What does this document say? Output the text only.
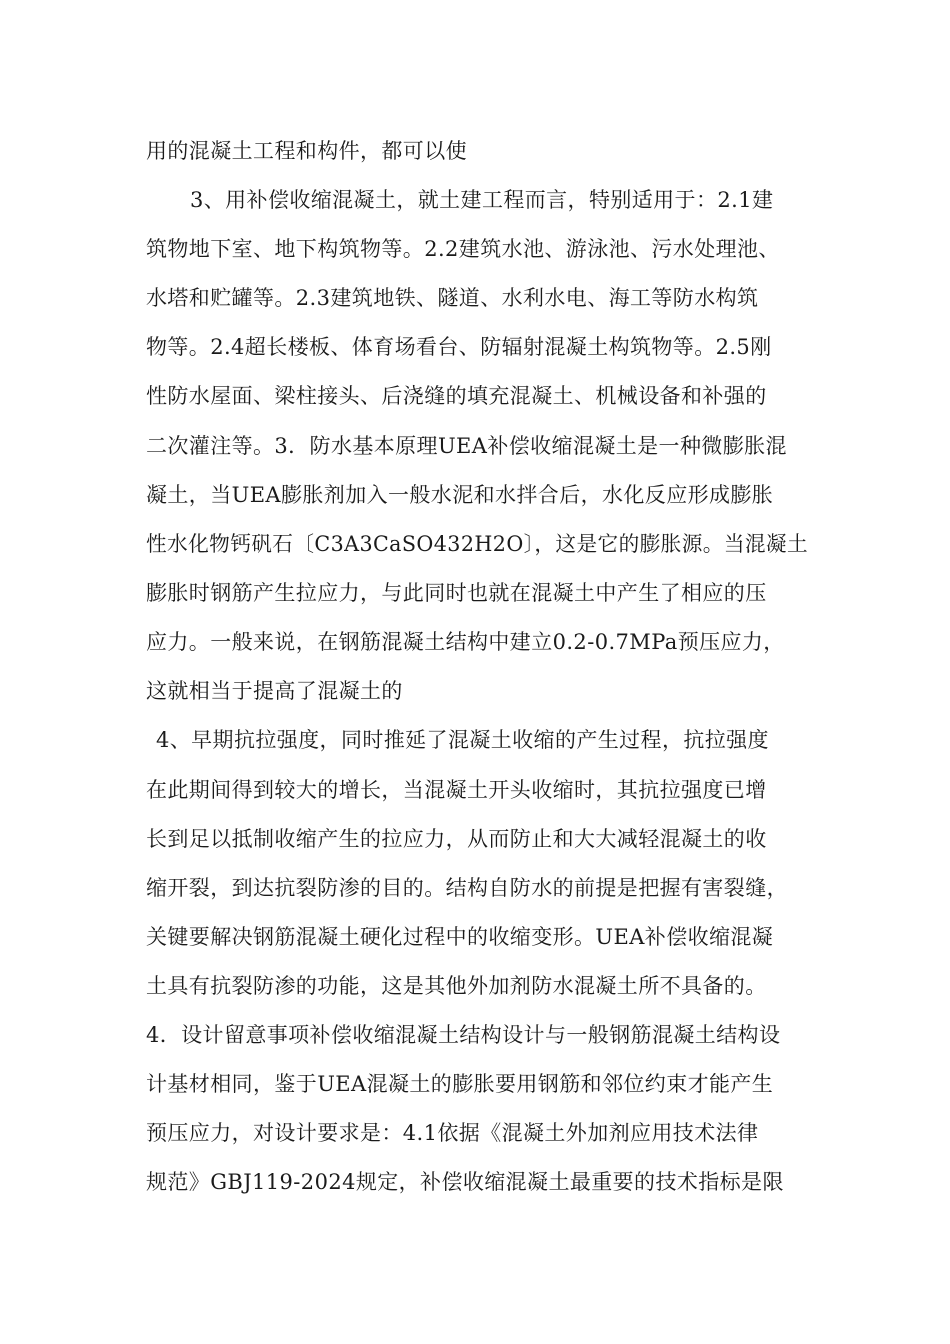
用的混凝土工程和构件，都可以使
3、用补偿收缩混凝土，就土建工程而言，特别适用于：2.1建
筑物地下室、地下构筑物等。2.2建筑水池、游泳池、污水处理池、
水塔和贮罐等。2.3建筑地铁、隧道、水利水电、海工等防水构筑
物等。2.4超长楼板、体育场看台、防辐射混凝土构筑物等。2.5刚
性防水屋面、梁柱接头、后浇缝的填充混凝土、机械设备和补强的
二次灌注等。3．防水基本原理UEA补偿收缩混凝土是一种微膨胀混
凝土，当UEA膨胀剂加入一般水泥和水拌合后，水化反应形成膨胀
性水化物钙矾石〔C3A3CaSO432H2O〕，这是它的膨胀源。当混凝土
膨胀时钢筋产生拉应力，与此同时也就在混凝土中产生了相应的压
应力。一般来说，在钢筋混凝土结构中建立0.2-0.7MPa预压应力，
这就相当于提高了混凝土的
4、早期抗拉强度，同时推延了混凝土收缩的产生过程，抗拉强度
在此期间得到较大的增长，当混凝土开头收缩时，其抗拉强度已增
长到足以抵制收缩产生的拉应力，从而防止和大大减轻混凝土的收
缩开裂，到达抗裂防渗的目的。结构自防水的前提是把握有害裂缝，
关键要解决钢筋混凝土硬化过程中的收缩变形。UEA补偿收缩混凝
土具有抗裂防渗的功能，这是其他外加剂防水混凝土所不具备的。
4．设计留意事项补偿收缩混凝土结构设计与一般钢筋混凝土结构设
计基材相同，鉴于UEA混凝土的膨胀要用钢筋和邻位约束才能产生
预压应力，对设计要求是：4.1依据《混凝土外加剂应用技术法律
规范》GBJ119-2024规定，补偿收缩混凝土最重要的技术指标是限
